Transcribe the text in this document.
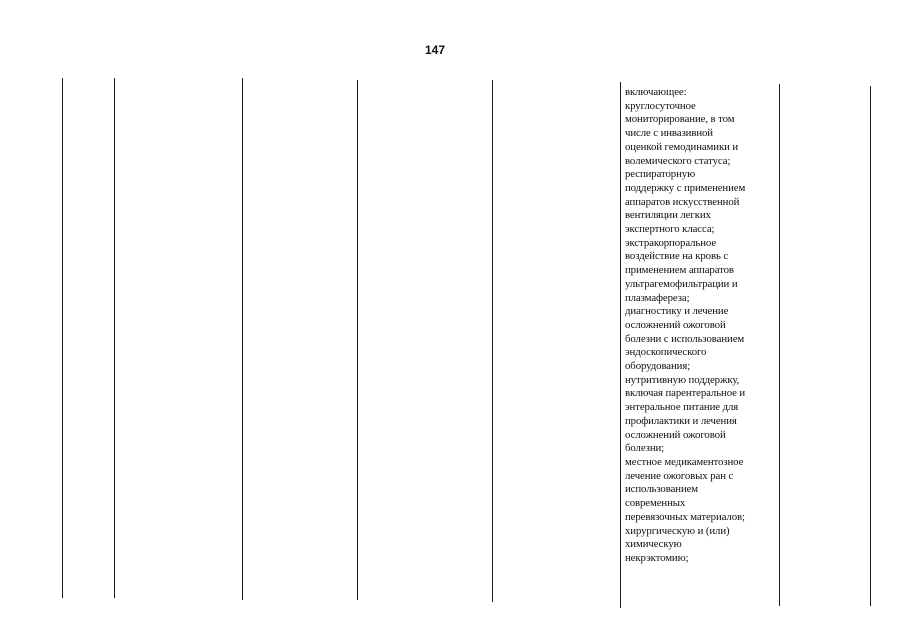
147
включающее:
круглосуточное
мониторирование, в том
числе с инвазивной
оценкой гемодинамики и
волемического статуса;
респираторную
поддержку с применением
аппаратов искусственной
вентиляции легких
экспертного класса;
экстракорпоральное
воздействие на кровь с
применением аппаратов
ультрагемофильтрации и
плазмафереза;
диагностику и лечение
осложнений ожоговой
болезни с использованием
эндоскопического
оборудования;
нутритивную поддержку,
включая парентеральное и
энтеральное питание для
профилактики и лечения
осложнений ожоговой
болезни;
местное медикаментозное
лечение ожоговых ран с
использованием
современных
перевязочных материалов;
хирургическую и (или)
химическую
некрэктомию;
